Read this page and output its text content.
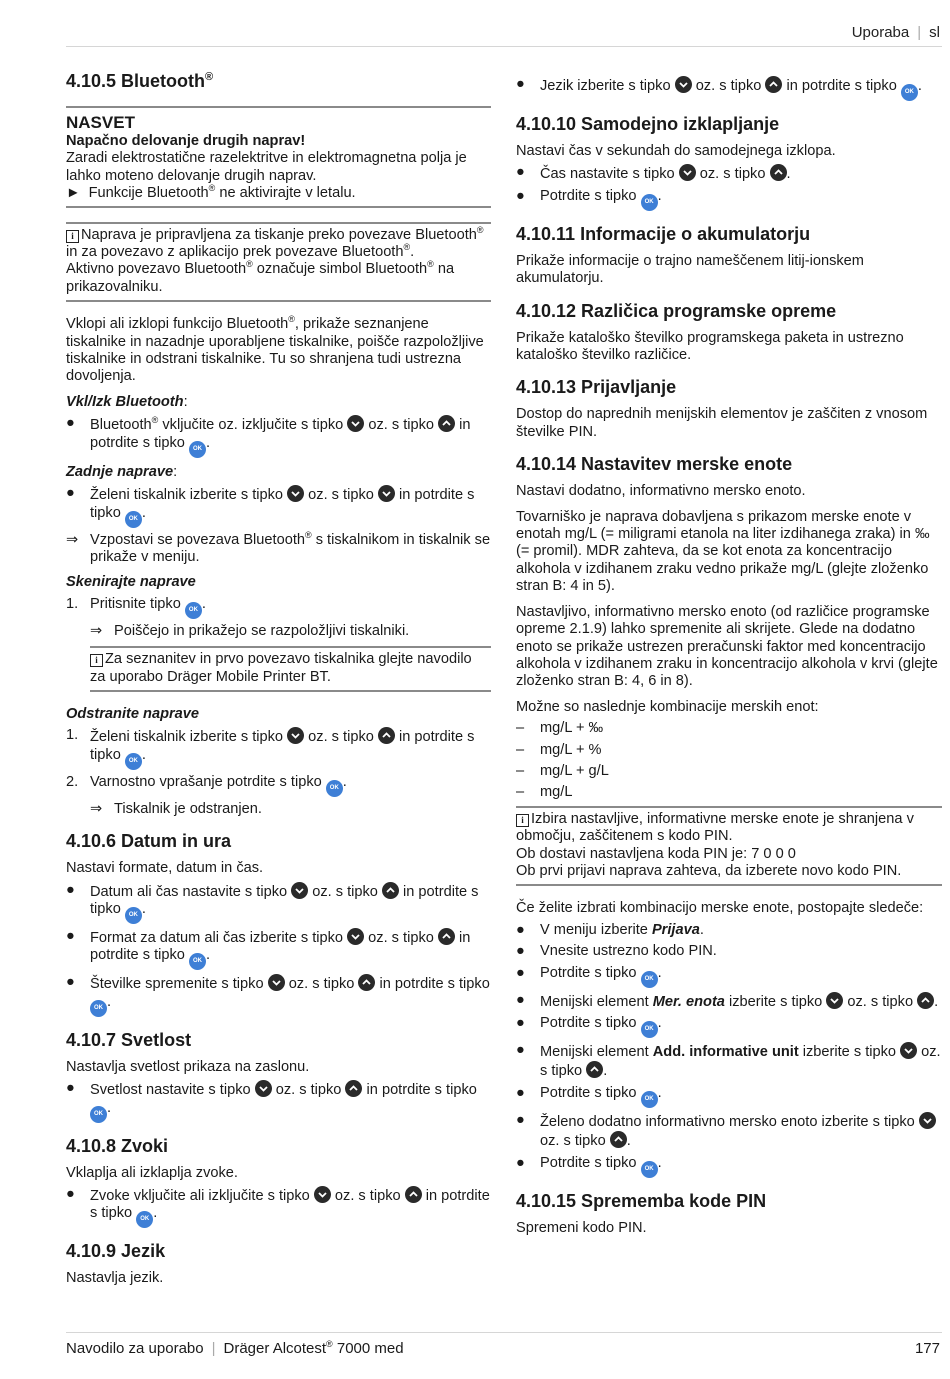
Uporaba | sl
4.10.5 Bluetooth®
NASVET
Napačno delovanje drugih naprav!
Zaradi elektrostatične razelektritve in elektromagnetna polja je lahko moteno delovanje drugih naprav.
► Funkcije Bluetooth® ne aktivirajte v letalu.
i Naprava je pripravljena za tiskanje preko povezave Bluetooth® in za povezavo z aplikacijo prek povezave Bluetooth®.
Aktivno povezavo Bluetooth® označuje simbol Bluetooth® na prikazovalniku.

Vklopi ali izklopi funkcijo Bluetooth®, prikaže seznanjene tiskalnike in nazadnje uporabljene tiskalnike, poišče razpoložljive tiskalnike in odstrani tiskalnike. Tu so shranjena tudi ustrezna dovoljenja.

Vkl/Izk Bluetooth:
●	Bluetooth® vključite oz. izključite s tipko
oz. s tipko
in potrdite s tipko OK .
Zadnje naprave:
●	Želeni tiskalnik izberite s tipko
oz. s tipko
in potrdite s tipko OK .
⇒ Vzpostavi se povezava Bluetooth® s tiskalnikom in tiskalnik se prikaže v meniju.
Skenirajte naprave
1. Pritisnite tipko OK .
⇒ Poiščejo in prikažejo se razpoložljivi tiskalniki.
i Za seznanitev in prvo povezavo tiskalnika glejte navodilo za uporabo Dräger Mobile Printer BT.
Odstranite naprave
1. Želeni tiskalnik izberite s tipko
oz. s tipko
in potrdite s tipko OK .
2. Varnostno vprašanje potrdite s tipko OK .
⇒ Tiskalnik je odstranjen.
4.10.6 Datum in ura

Nastavi formate, datum in čas.

●	Datum ali čas nastavite s tipko
oz. s tipko
in potrdite s tipko OK .
●	Format za datum ali čas izberite s tipko
oz. s tipko
in potrdite s tipko OK .
●	Številke spremenite s tipko
oz. s tipko
in potrdite s tipko OK .
4.10.7 Svetlost

Nastavlja svetlost prikaza na zaslonu.

●	Svetlost nastavite s tipko
oz. s tipko
in potrdite s tipko OK .
4.10.8 Zvoki

Vklaplja ali izklaplja zvoke.

●	Zvoke vključite ali izključite s tipko
oz. s tipko
in potrdite s tipko OK .
4.10.9 Jezik

Nastavlja jezik.

●	Jezik izberite s tipko
oz. s tipko
in potrdite s tipko OK .
4.10.10 Samodejno izklapljanje

Nastavi čas v sekundah do samodejnega izklopa.

●	Čas nastavite s tipko
oz. s tipko
.
●	Potrdite s tipko OK .
4.10.11 Informacije o akumulatorju

Prikaže informacije o trajno nameščenem litij-ionskem akumulatorju.

4.10.12 Različica programske opreme

Prikaže kataloško številko programskega paketa in ustrezno kataloško številko različice.

4.10.13 Prijavljanje

Dostop do naprednih menijskih elementov je zaščiten z vnosom številke PIN.

4.10.14 Nastavitev merske enote

Nastavi dodatno, informativno mersko enoto.

Tovarniško je naprava dobavljena s prikazom merske enote v enotah mg/L (= miligrami etanola na liter izdihanega zraka) in ‰ (= promil). MDR zahteva, da se kot enota za koncentracijo alkohola v izdihanem zraku vedno prikaže mg/L (glejte zloženko stran B: 4 in 5).

Nastavljivo, informativno mersko enoto (od različice programske opreme 2.1.9) lahko spremenite ali skrijete. Glede na dodatno enoto se prikaže ustrezen preračunski faktor med koncentracijo alkohola v izdihanem zraku in koncentracijo alkohola v krvi (glejte zloženko stran B: 4, 6 in 8).

Možne so naslednje kombinacije merskih enot:

–	mg/L + ‰
–	mg/L + %
–	mg/L + g/L
–	mg/L
i Izbira nastavljive, informativne merske enote je shranjena v območju, zaščitenem s kodo PIN.
Ob dostavi nastavljena koda PIN je: 7 0 0 0
Ob prvi prijavi naprava zahteva, da izberete novo kodo PIN.

Če želite izbrati kombinacijo merske enote, postopajte sledeče:

●	V meniju izberite Prijava.
●	Vnesite ustrezno kodo PIN.
●	Potrdite s tipko OK .
●	Menijski element Mer. enota izberite s tipko
oz. s tipko
.
●	Potrdite s tipko OK .
●	Menijski element Add. informative unit izberite s tipko
oz. s tipko
.
●	Potrdite s tipko OK .
●	Želeno dodatno informativno mersko enoto izberite s tipko
oz. s tipko
.
●	Potrdite s tipko OK .
4.10.15 Sprememba kode PIN

Spremeni kodo PIN.

Navodilo za uporabo | Dräger Alcotest® 7000 med	177
